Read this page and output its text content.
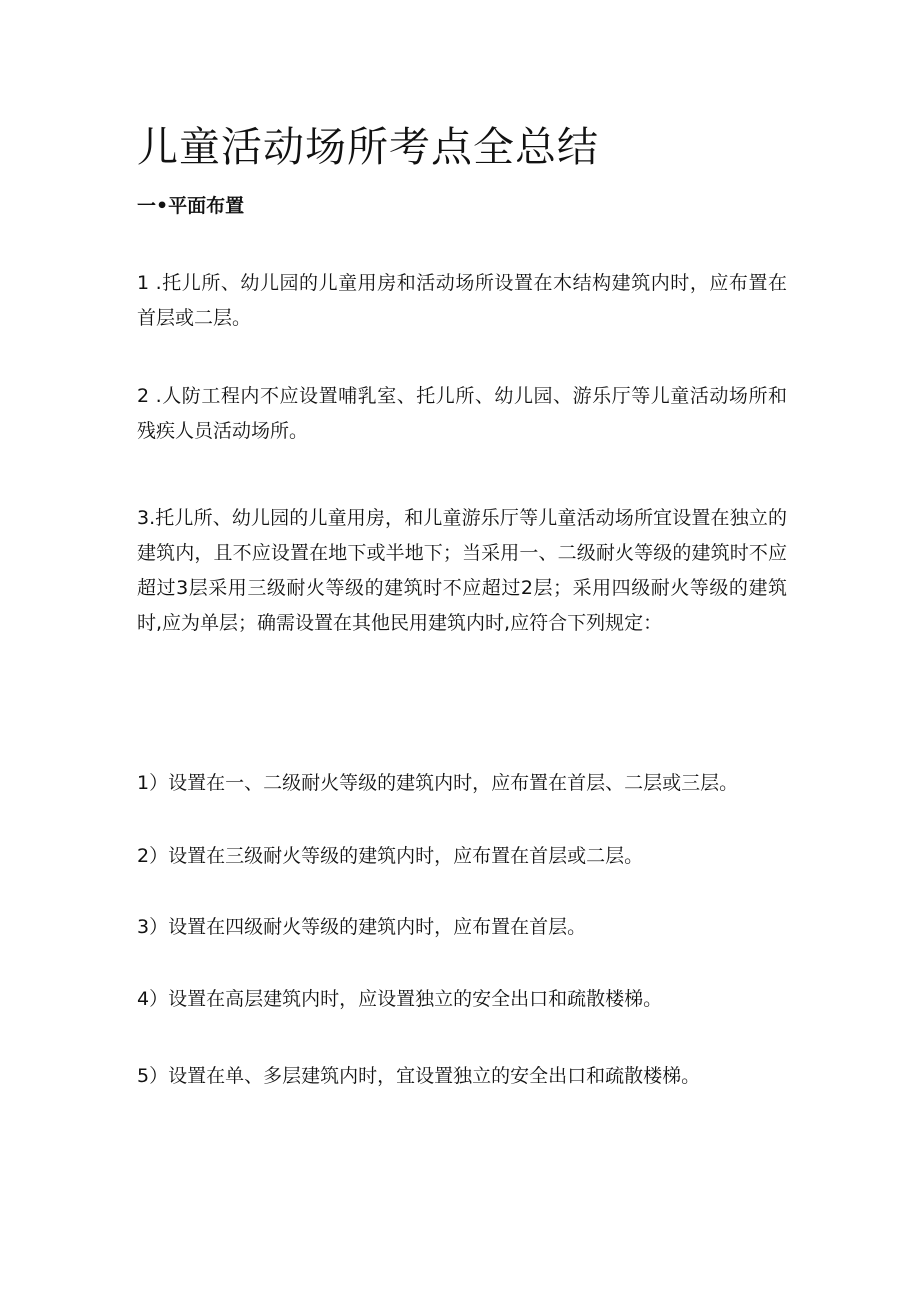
儿童活动场所考点全总结
一•平面布置

1 .托儿所、幼儿园的儿童用房和活动场所设置在木结构建筑内时，应布置在首层或二层。

2 .人防工程内不应设置哺乳室、托儿所、幼儿园、游乐厅等儿童活动场所和残疾人员活动场所。

3.托儿所、幼儿园的儿童用房，和儿童游乐厅等儿童活动场所宜设置在独立的建筑内，且不应设置在地下或半地下；当采用一、二级耐火等级的建筑时不应超过3层采用三级耐火等级的建筑时不应超过2层；采用四级耐火等级的建筑时,应为单层；确需设置在其他民用建筑内时,应符合下列规定：

1）设置在一、二级耐火等级的建筑内时，应布置在首层、二层或三层。

2）设置在三级耐火等级的建筑内时，应布置在首层或二层。

3）设置在四级耐火等级的建筑内时，应布置在首层。

4）设置在高层建筑内时，应设置独立的安全出口和疏散楼梯。

5）设置在单、多层建筑内时，宜设置独立的安全出口和疏散楼梯。
